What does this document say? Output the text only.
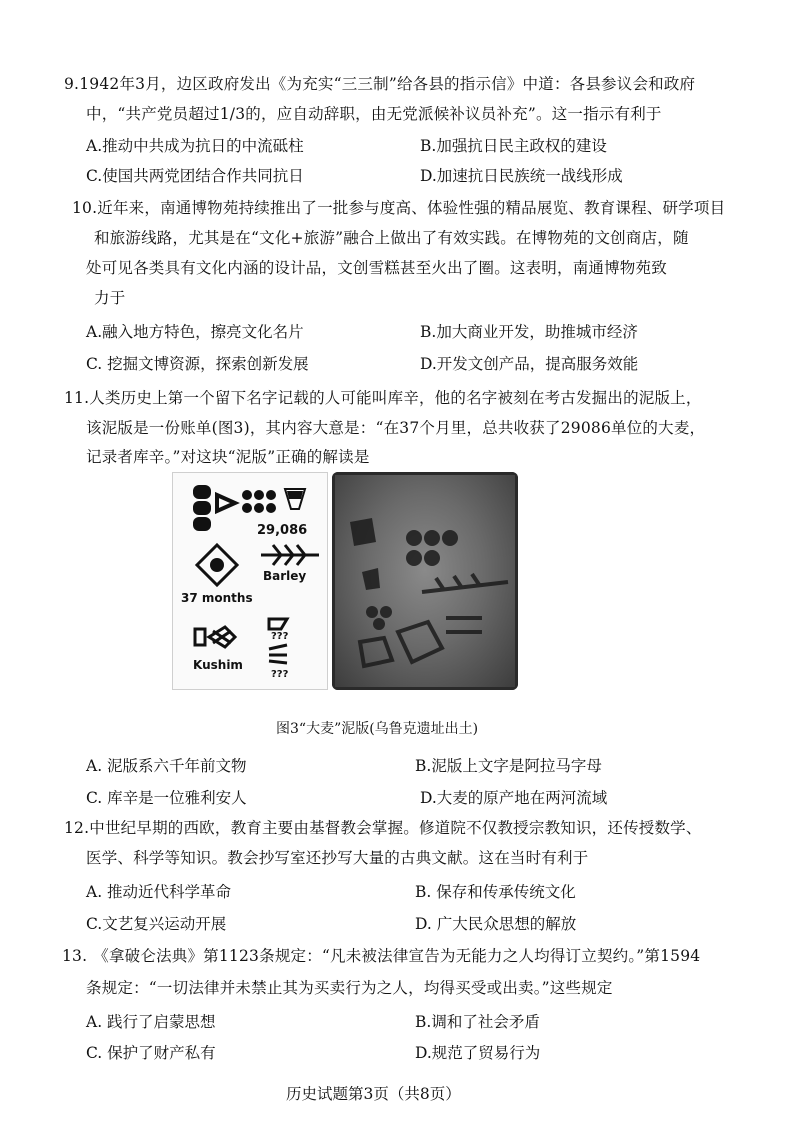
9.1942年3月，边区政府发出《为充实“三三制”给各县的指示信》中道：各县参议会和政府
中，“共产党员超过1/3的，应自动辞职，由无党派候补议员补充”。这一指示有利于
A.推动中共成为抗日的中流砥柱	B.加强抗日民主政权的建设
C.使国共两党团结合作共同抗日	D.加速抗日民族统一战线形成
10.近年来，南通博物苑持续推出了一批参与度高、体验性强的精品展览、教育课程、研学项目
和旅游线路，尤其是在“文化+旅游”融合上做出了有效实践。在博物苑的文创商店，随
处可见各类具有文化内涵的设计品，文创雪糕甚至火出了圈。这表明，南通博物苑致
力于
A.融入地方特色，擦亮文化名片	B.加大商业开发，助推城市经济
C. 挖掘文博资源，探索创新发展	D.开发文创产品，提高服务效能
11.人类历史上第一个留下名字记载的人可能叫库辛，他的名字被刻在考古发掘出的泥版上，
该泥版是一份账单(图3)，其内容大意是：“在37个月里，总共收获了29086单位的大麦，
记录者库辛。”对这块“泥版”正确的解读是
29,086
Barley
37 months
Kushim
???
???
图3“大麦”泥版(乌鲁克遗址出土)
A. 泥版系六千年前文物	B.泥版上文字是阿拉马字母
C. 库辛是一位雅利安人	D.大麦的原产地在两河流域
12.中世纪早期的西欧，教育主要由基督教会掌握。修道院不仅教授宗教知识，还传授数学、
医学、科学等知识。教会抄写室还抄写大量的古典文献。这在当时有利于
A. 推动近代科学革命	B. 保存和传承传统文化
C.文艺复兴运动开展	D. 广大民众思想的解放
13. 《拿破仑法典》第1123条规定：“凡未被法律宣告为无能力之人均得订立契约。”第1594
条规定：“一切法律并未禁止其为买卖行为之人，均得买受或出卖。”这些规定
A. 践行了启蒙思想	B.调和了社会矛盾
C. 保护了财产私有	D.规范了贸易行为
历史试题第3页（共8页）
